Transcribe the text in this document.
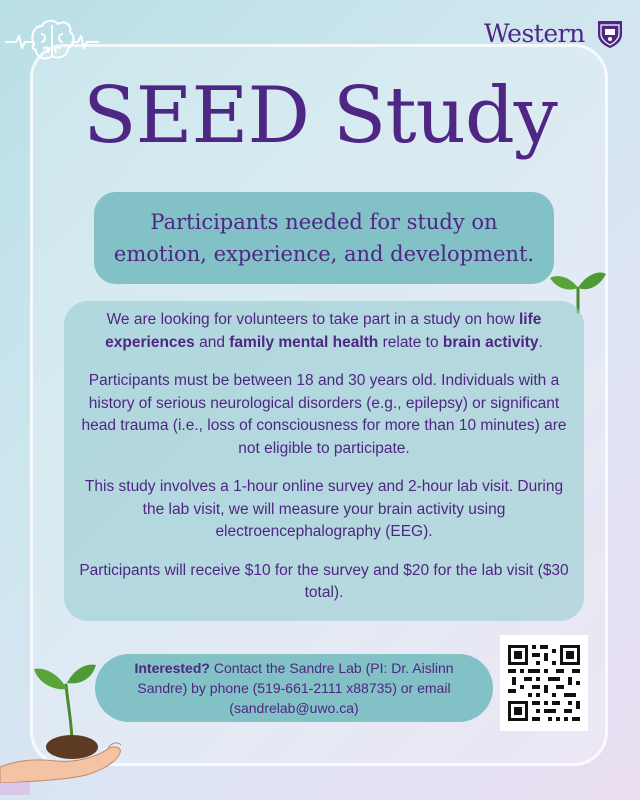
Western
SEED Study

Participants needed for study on
emotion, experience, and development.

We are looking for volunteers to take part in a study on how life experiences and family mental health relate to brain activity.

Participants must be between 18 and 30 years old. Individuals with a history of serious neurological disorders (e.g., epilepsy) or significant head trauma (i.e., loss of consciousness for more than 10 minutes) are not eligible to participate.

This study involves a 1-hour online survey and 2-hour lab visit. During the lab visit, we will measure your brain activity using electroencephalography (EEG).

Participants will receive $10 for the survey and $20 for the lab visit ($30 total).

Interested? Contact the Sandre Lab (PI: Dr. Aislinn Sandre) by phone (519-661-2111 x88735) or email (sandrelab@uwo.ca)
